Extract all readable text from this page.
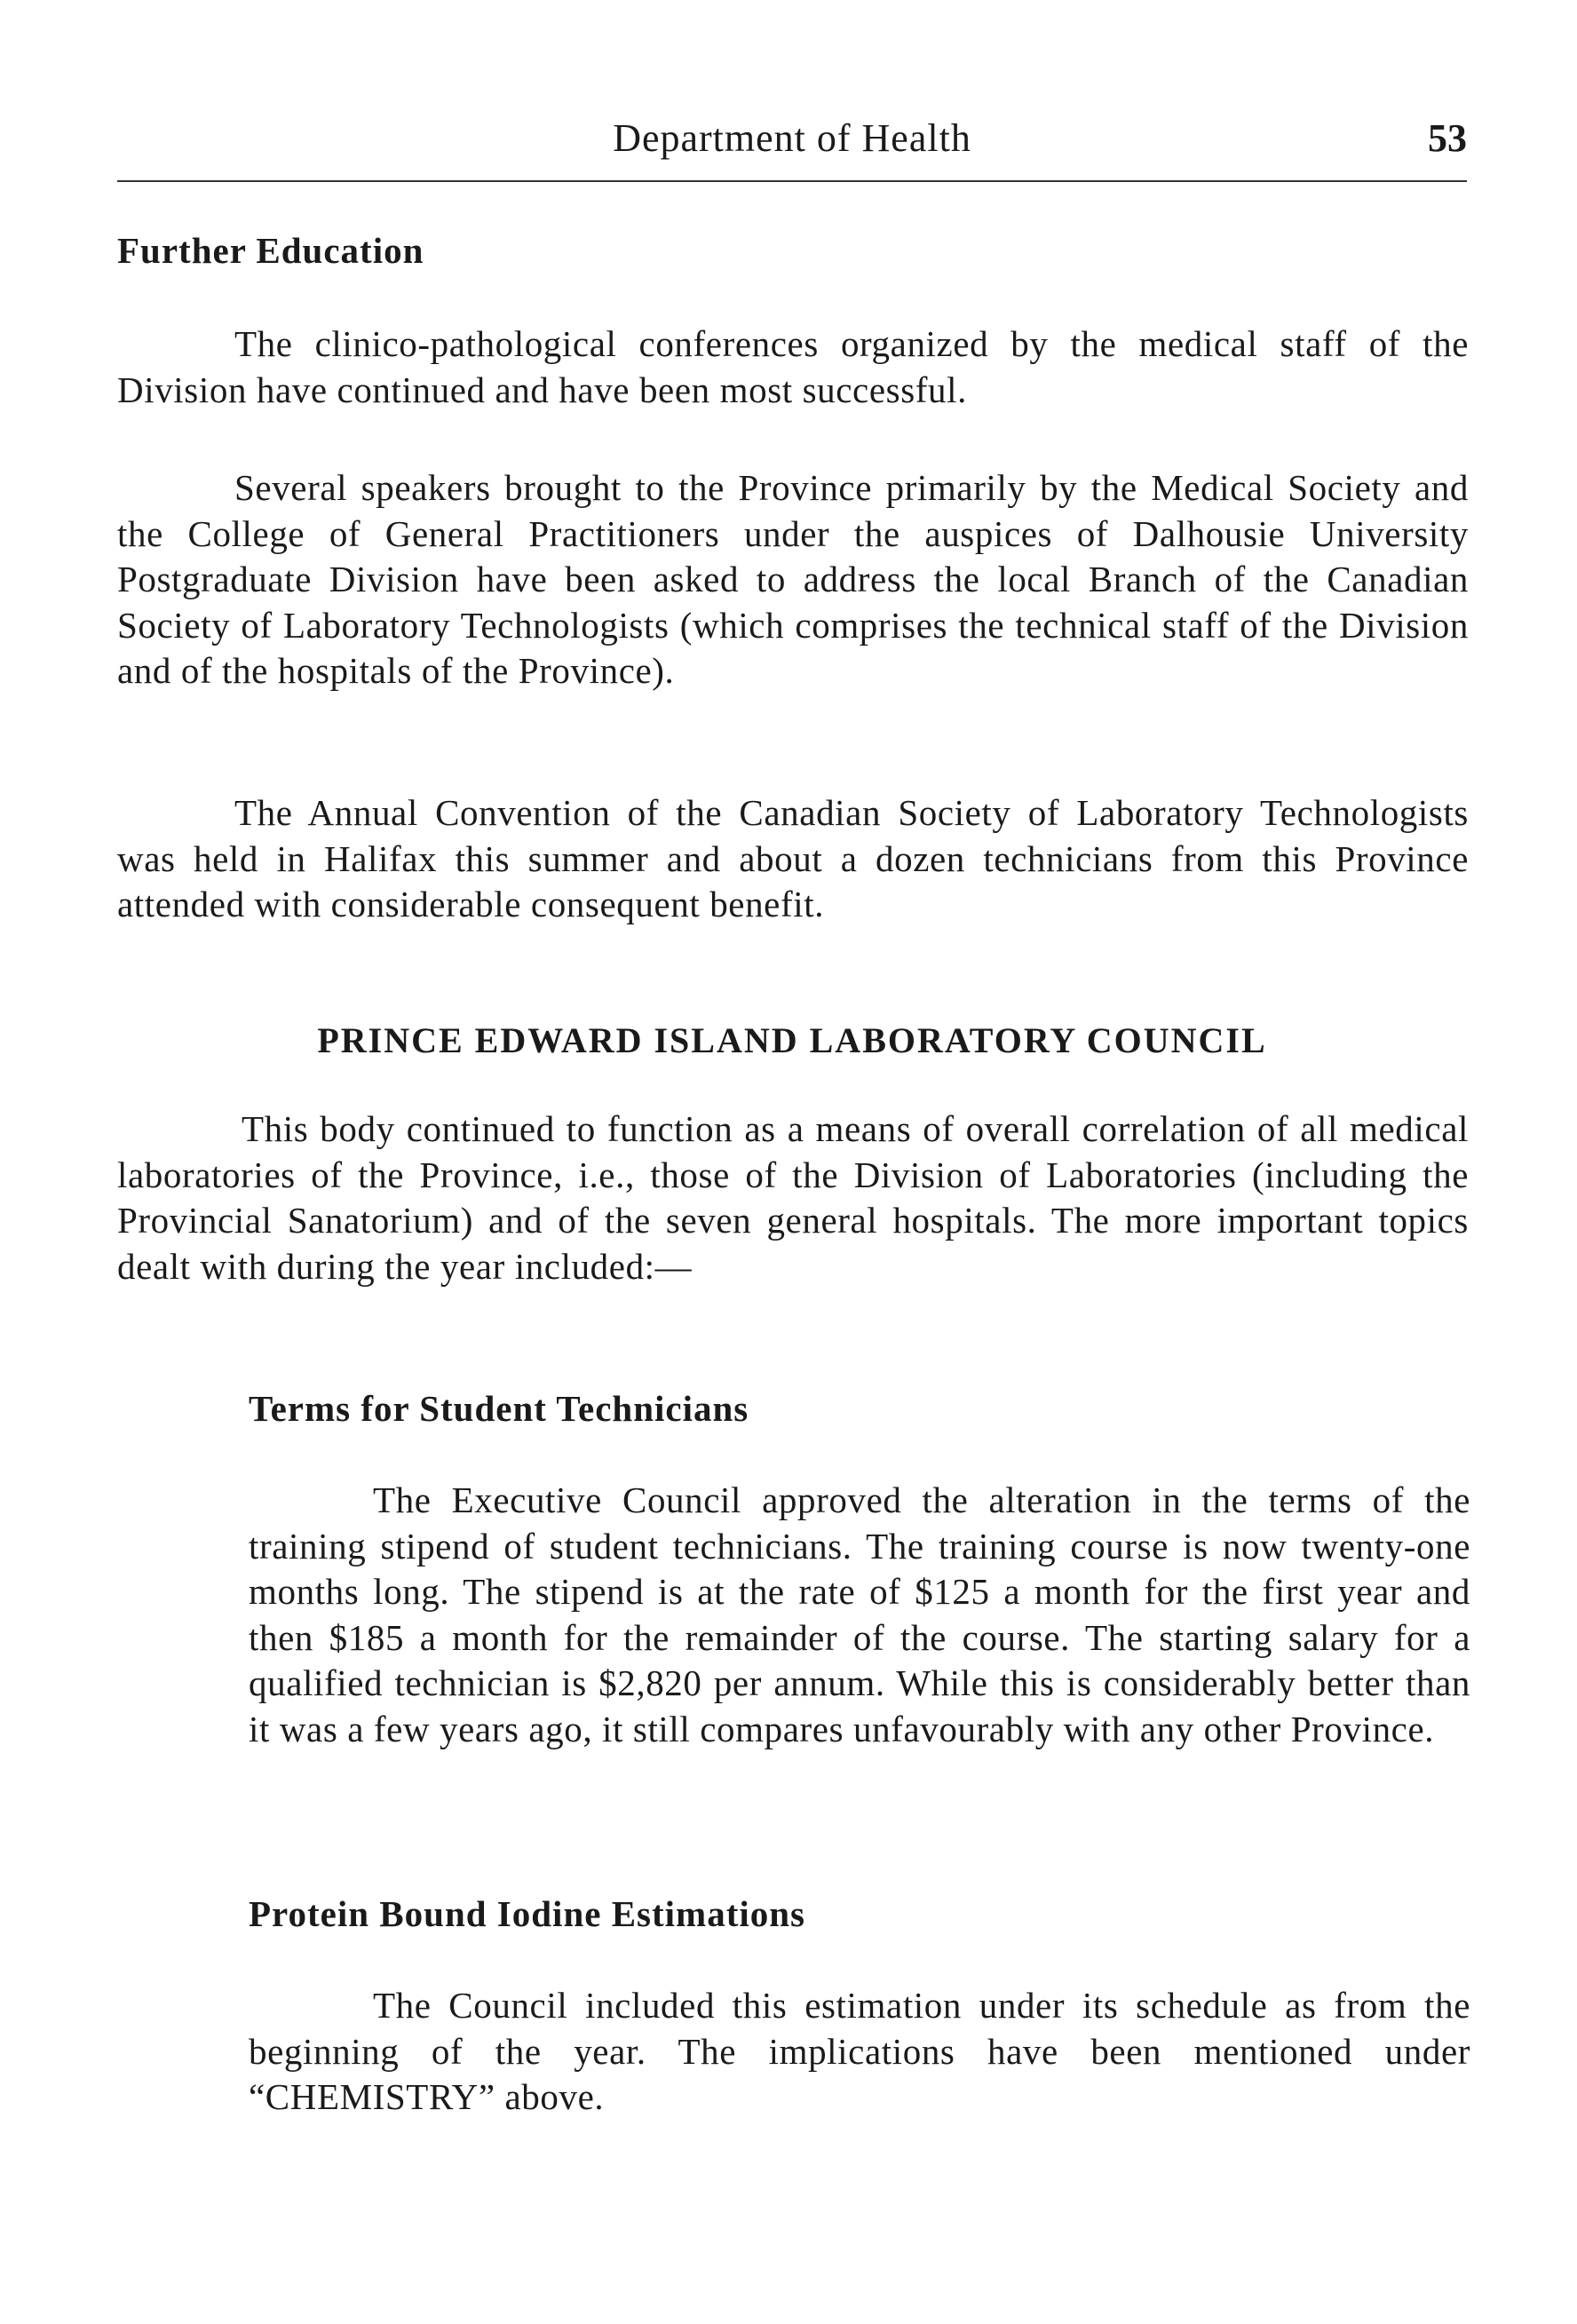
Department of Health	53
Further Education
The clinico-pathological conferences organized by the medical staff of the Division have continued and have been most successful.
Several speakers brought to the Province primarily by the Medical Society and the College of General Practitioners under the auspices of Dalhousie University Postgraduate Division have been asked to address the local Branch of the Canadian Society of Laboratory Technologists (which comprises the technical staff of the Division and of the hospitals of the Province).
The Annual Convention of the Canadian Society of Laboratory Technologists was held in Halifax this summer and about a dozen technicians from this Province attended with considerable consequent benefit.
PRINCE EDWARD ISLAND LABORATORY COUNCIL
This body continued to function as a means of overall correlation of all medical laboratories of the Province, i.e., those of the Division of Laboratories (including the Provincial Sanatorium) and of the seven general hospitals. The more important topics dealt with during the year included:—
Terms for Student Technicians
The Executive Council approved the alteration in the terms of the training stipend of student technicians. The training course is now twenty-one months long. The stipend is at the rate of $125 a month for the first year and then $185 a month for the remainder of the course. The starting salary for a qualified technician is $2,820 per annum. While this is considerably better than it was a few years ago, it still compares unfavourably with any other Province.
Protein Bound Iodine Estimations
The Council included this estimation under its schedule as from the beginning of the year. The implications have been mentioned under “CHEMISTRY” above.
